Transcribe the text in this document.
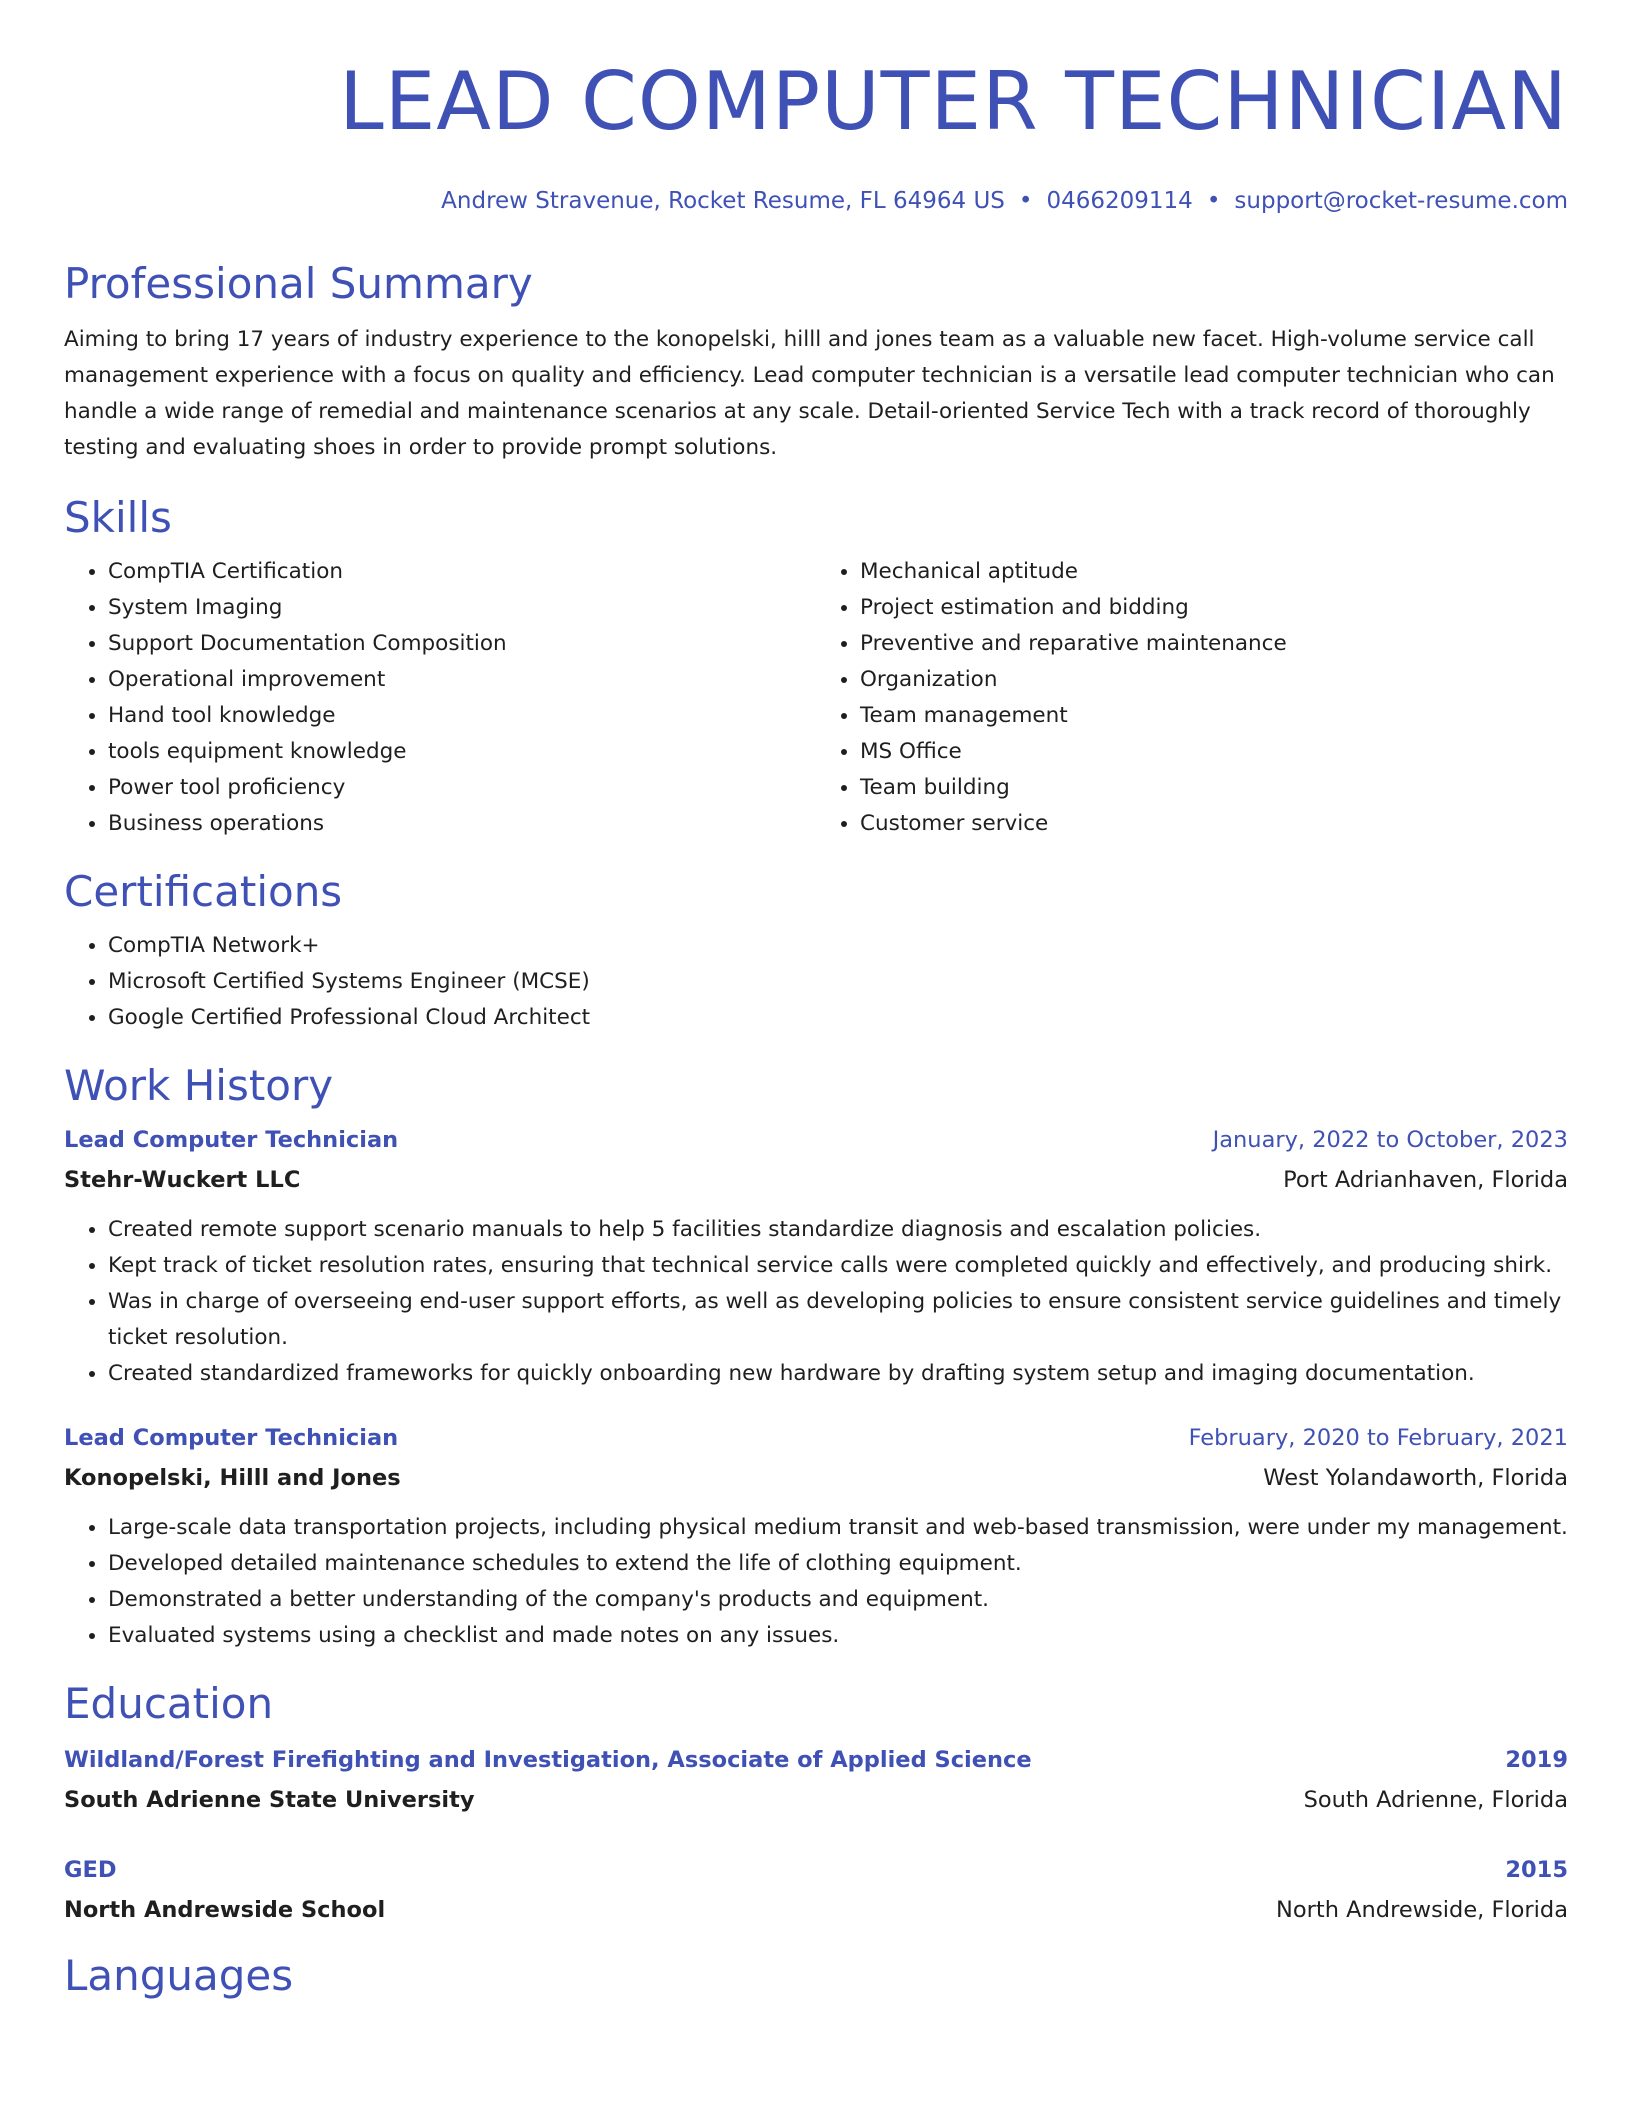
LEAD COMPUTER TECHNICIAN
Andrew Stravenue, Rocket Resume, FL 64964 US • 0466209114 • support@rocket-resume.com
Professional Summary

Aiming to bring 17 years of industry experience to the konopelski, hilll and jones team as a valuable new facet. High-volume service call management experience with a focus on quality and efficiency. Lead computer technician is a versatile lead computer technician who can handle a wide range of remedial and maintenance scenarios at any scale. Detail-oriented Service Tech with a track record of thoroughly testing and evaluating shoes in order to provide prompt solutions.

Skills
• CompTIA Certification
• System Imaging
• Support Documentation Composition
• Operational improvement
• Hand tool knowledge
• tools equipment knowledge
• Power tool proficiency
• Business operations
• Mechanical aptitude
• Project estimation and bidding
• Preventive and reparative maintenance
• Organization
• Team management
• MS Office
• Team building
• Customer service
Certifications
• CompTIA Network+
• Microsoft Certified Systems Engineer (MCSE)
• Google Certified Professional Cloud Architect
Work History
Lead Computer Technician	January, 2022 to October, 2023
Stehr-Wuckert LLC	Port Adrianhaven, Florida
• Created remote support scenario manuals to help 5 facilities standardize diagnosis and escalation policies.
• Kept track of ticket resolution rates, ensuring that technical service calls were completed quickly and effectively, and producing shirk.
• Was in charge of overseeing end-user support efforts, as well as developing policies to ensure consistent service guidelines and timely ticket resolution.
• Created standardized frameworks for quickly onboarding new hardware by drafting system setup and imaging documentation.
Lead Computer Technician	February, 2020 to February, 2021
Konopelski, Hilll and Jones	West Yolandaworth, Florida
• Large-scale data transportation projects, including physical medium transit and web-based transmission, were under my management.
• Developed detailed maintenance schedules to extend the life of clothing equipment.
• Demonstrated a better understanding of the company's products and equipment.
• Evaluated systems using a checklist and made notes on any issues.
Education
Wildland/Forest Firefighting and Investigation, Associate of Applied Science	2019
South Adrienne State University	South Adrienne, Florida
GED	2015
North Andrewside School	North Andrewside, Florida
Languages
